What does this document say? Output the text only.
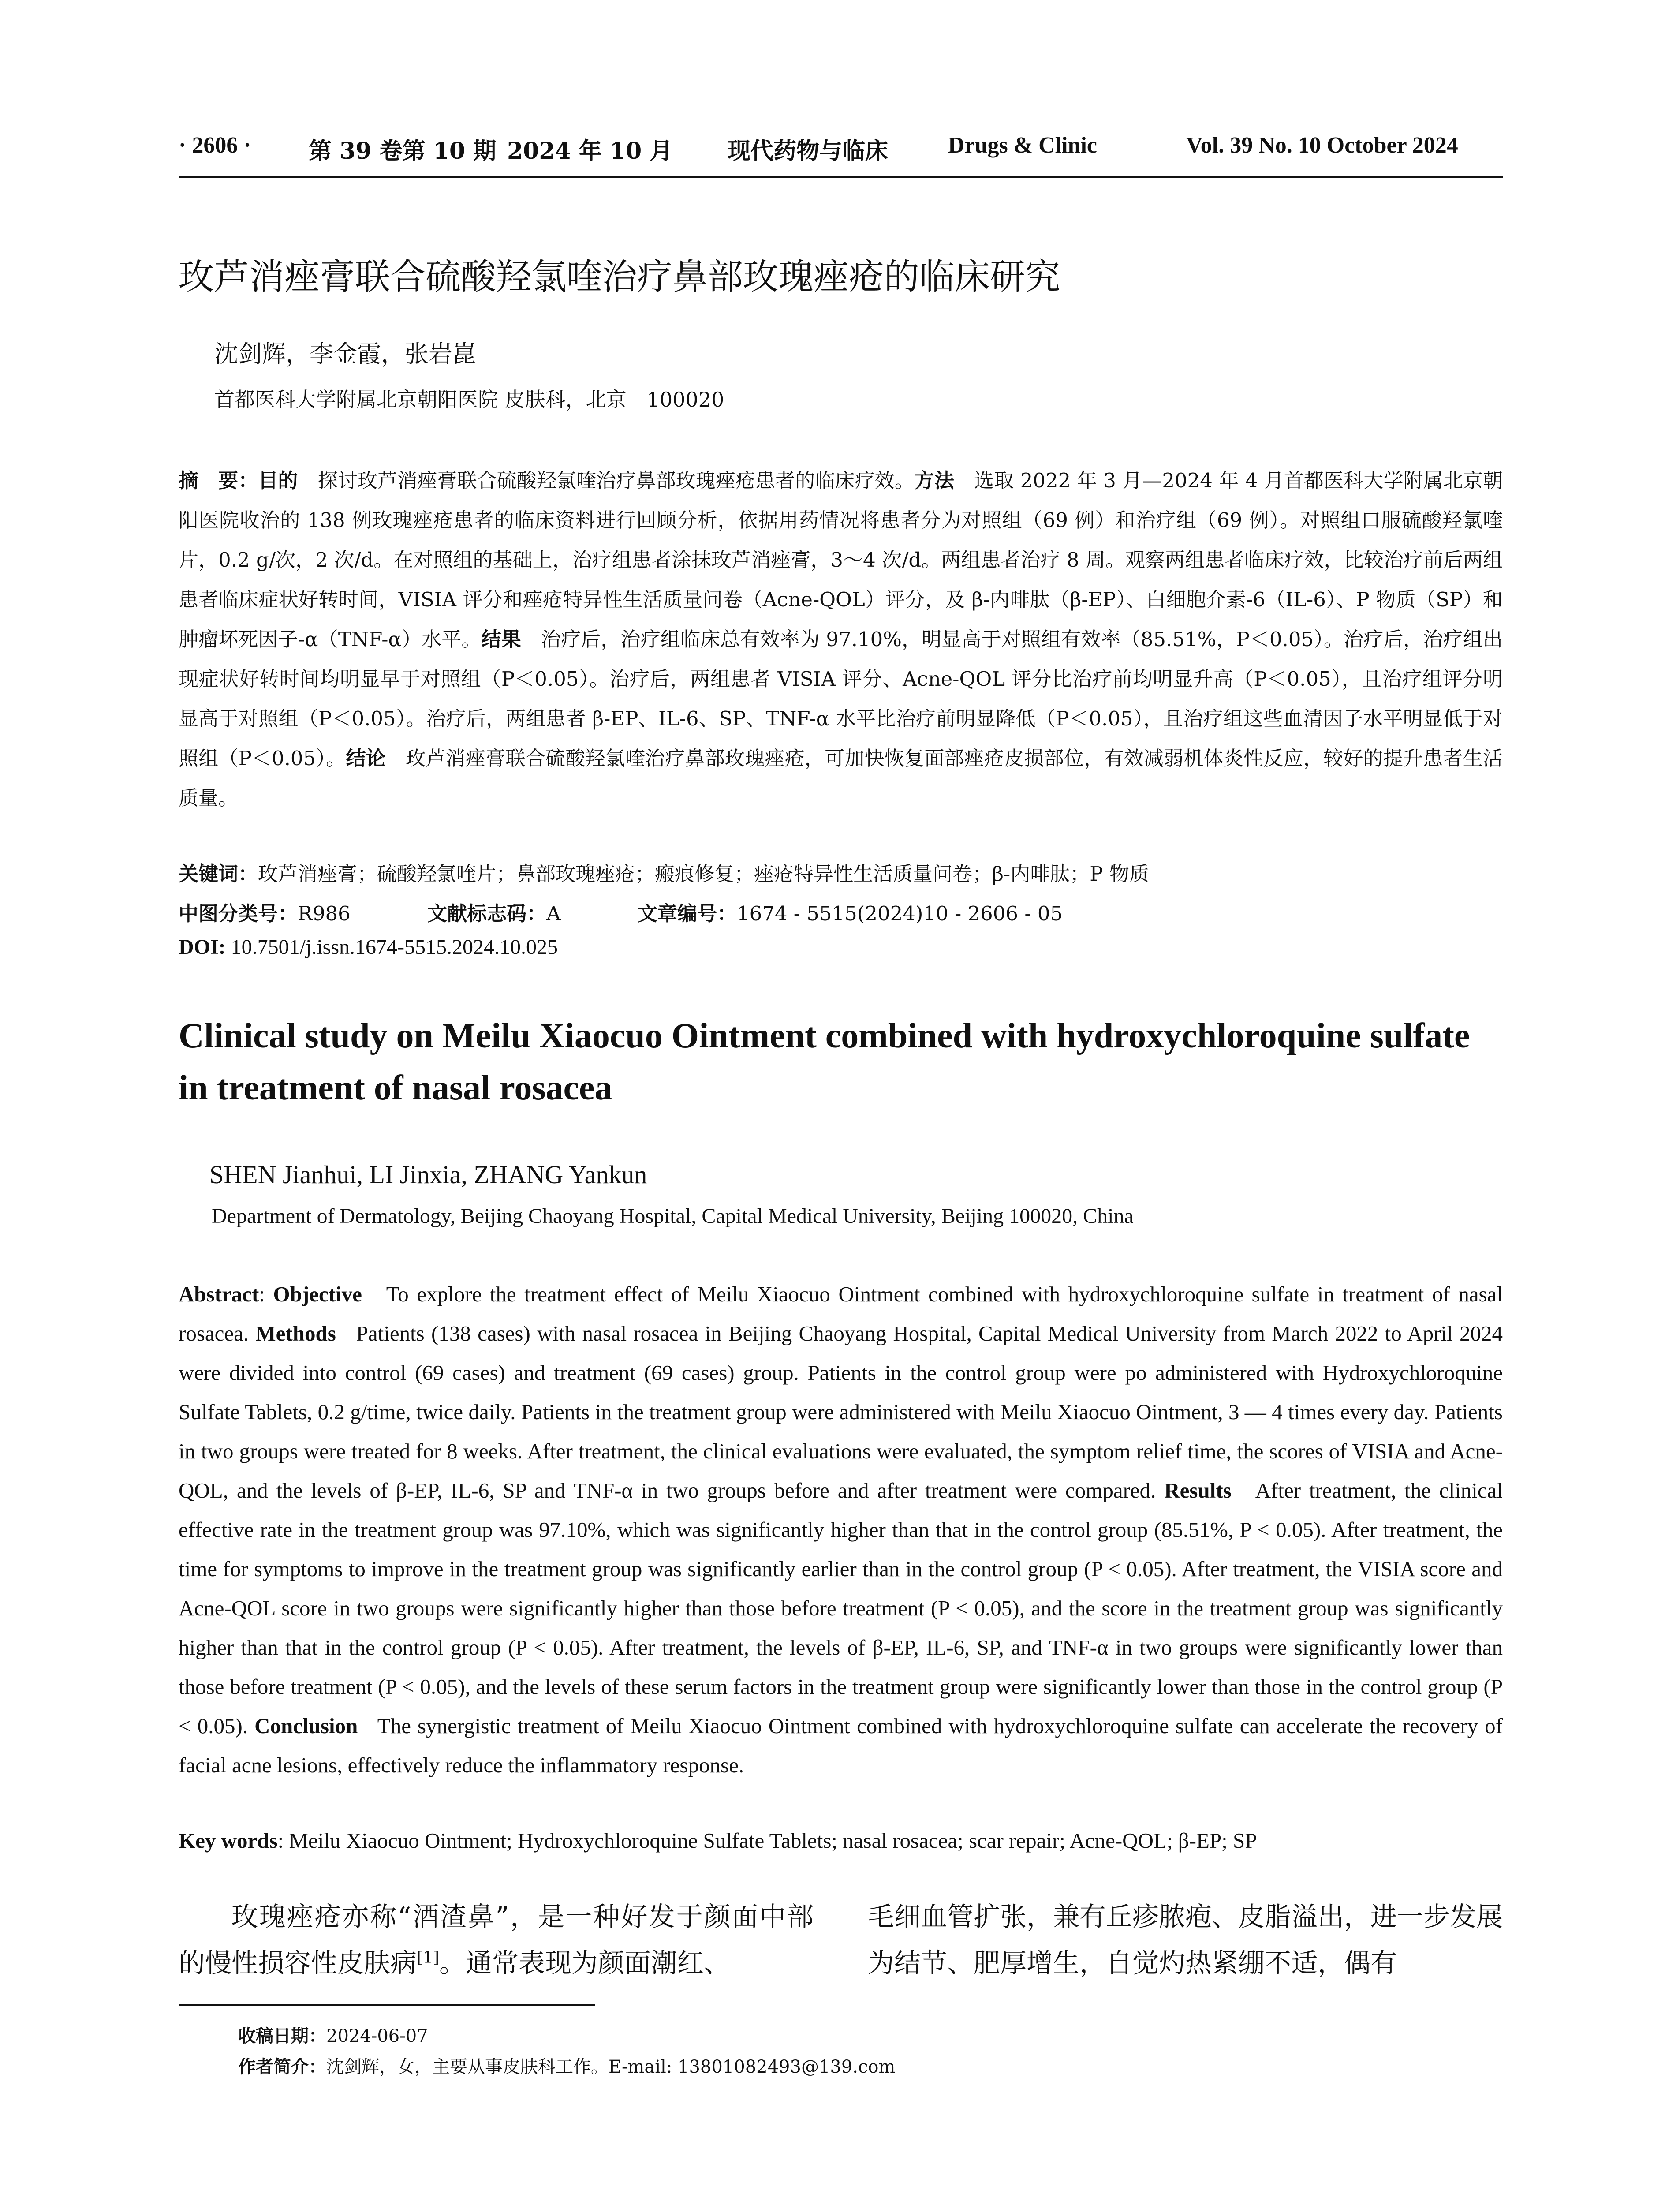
· 2606 ·	第 39 卷第 10 期 2024 年 10 月 现代药物与临床	Drugs & Clinic	Vol. 39 No. 10 October 2024
玫芦消痤膏联合硫酸羟氯喹治疗鼻部玫瑰痤疮的临床研究
沈剑辉，李金霞，张岩崑
首都医科大学附属北京朝阳医院 皮肤科，北京　100020
摘　要：目的　 探讨玫芦消痤膏联合硫酸羟氯喹治疗鼻部玫瑰痤疮患者的临床疗效。方法　 选取 2022 年 3 月—2024 年 4 月首都医科大学附属北京朝阳医院收治的 138 例玫瑰痤疮患者的临床资料进行回顾分析，依据用药情况将患者分为对照组（69 例）和治疗组（69 例）。对照组口服硫酸羟氯喹片，0.2 g/次，2 次/d。在对照组的基础上，治疗组患者涂抹玫芦消痤膏，3～4 次/d。两组患者治疗 8 周。观察两组患者临床疗效，比较治疗前后两组患者临床症状好转时间，VISIA 评分和痤疮特异性生活质量问卷（Acne-QOL）评分，及 β-内啡肽（β-EP）、白细胞介素-6（IL-6）、P 物质（SP）和肿瘤坏死因子-α（TNF-α）水平。结果　 治疗后，治疗组临床总有效率为 97.10%，明显高于对照组有效率（85.51%，P＜0.05）。治疗后，治疗组出现症状好转时间均明显早于对照组（P＜0.05）。治疗后，两组患者 VISIA 评分、Acne-QOL 评分比治疗前均明显升高（P＜0.05），且治疗组评分明显高于对照组（P＜0.05）。治疗后，两组患者 β-EP、IL-6、SP、TNF-α 水平比治疗前明显降低（P＜0.05），且治疗组这些血清因子水平明显低于对照组（P＜0.05）。结论　 玫芦消痤膏联合硫酸羟氯喹治疗鼻部玫瑰痤疮，可加快恢复面部痤疮皮损部位，有效减弱机体炎性反应，较好的提升患者生活质量。
关键词：玫芦消痤膏；硫酸羟氯喹片；鼻部玫瑰痤疮；瘢痕修复；痤疮特异性生活质量问卷；β-内啡肽；P 物质
中图分类号：R986	文献标志码：A	文章编号：1674 - 5515(2024)10 - 2606 - 05
DOI: 10.7501/j.issn.1674-5515.2024.10.025
Clinical study on Meilu Xiaocuo Ointment combined with hydroxychloroquine sulfate in treatment of nasal rosacea
SHEN Jianhui, LI Jinxia, ZHANG Yankun
Department of Dermatology, Beijing Chaoyang Hospital, Capital Medical University, Beijing 100020, China
Abstract: Objective To explore the treatment effect of Meilu Xiaocuo Ointment combined with hydroxychloroquine sulfate in treatment of nasal rosacea. Methods Patients (138 cases) with nasal rosacea in Beijing Chaoyang Hospital, Capital Medical University from March 2022 to April 2024 were divided into control (69 cases) and treatment (69 cases) group. Patients in the control group were po administered with Hydroxychloroquine Sulfate Tablets, 0.2 g/time, twice daily. Patients in the treatment group were administered with Meilu Xiaocuo Ointment, 3 — 4 times every day. Patients in two groups were treated for 8 weeks. After treatment, the clinical evaluations were evaluated, the symptom relief time, the scores of VISIA and Acne-QOL, and the levels of β-EP, IL-6, SP and TNF-α in two groups before and after treatment were compared. Results After treatment, the clinical effective rate in the treatment group was 97.10%, which was significantly higher than that in the control group (85.51%, P < 0.05). After treatment, the time for symptoms to improve in the treatment group was significantly earlier than in the control group (P < 0.05). After treatment, the VISIA score and Acne-QOL score in two groups were significantly higher than those before treatment (P < 0.05), and the score in the treatment group was significantly higher than that in the control group (P < 0.05). After treatment, the levels of β-EP, IL-6, SP, and TNF-α in two groups were significantly lower than those before treatment (P < 0.05), and the levels of these serum factors in the treatment group were significantly lower than those in the control group (P < 0.05). Conclusion The synergistic treatment of Meilu Xiaocuo Ointment combined with hydroxychloroquine sulfate can accelerate the recovery of facial acne lesions, effectively reduce the inflammatory response.
Key words: Meilu Xiaocuo Ointment; Hydroxychloroquine Sulfate Tablets; nasal rosacea; scar repair; Acne-QOL; β-EP; SP
玫瑰痤疮亦称“酒渣鼻”，是一种好发于颜面中部的慢性损容性皮肤病[1]。通常表现为颜面潮红、
毛细血管扩张，兼有丘疹脓疱、皮脂溢出，进一步发展为结节、肥厚增生，自觉灼热紧绷不适，偶有
收稿日期：2024-06-07
作者简介：沈剑辉，女，主要从事皮肤科工作。E-mail: 13801082493@139.com
